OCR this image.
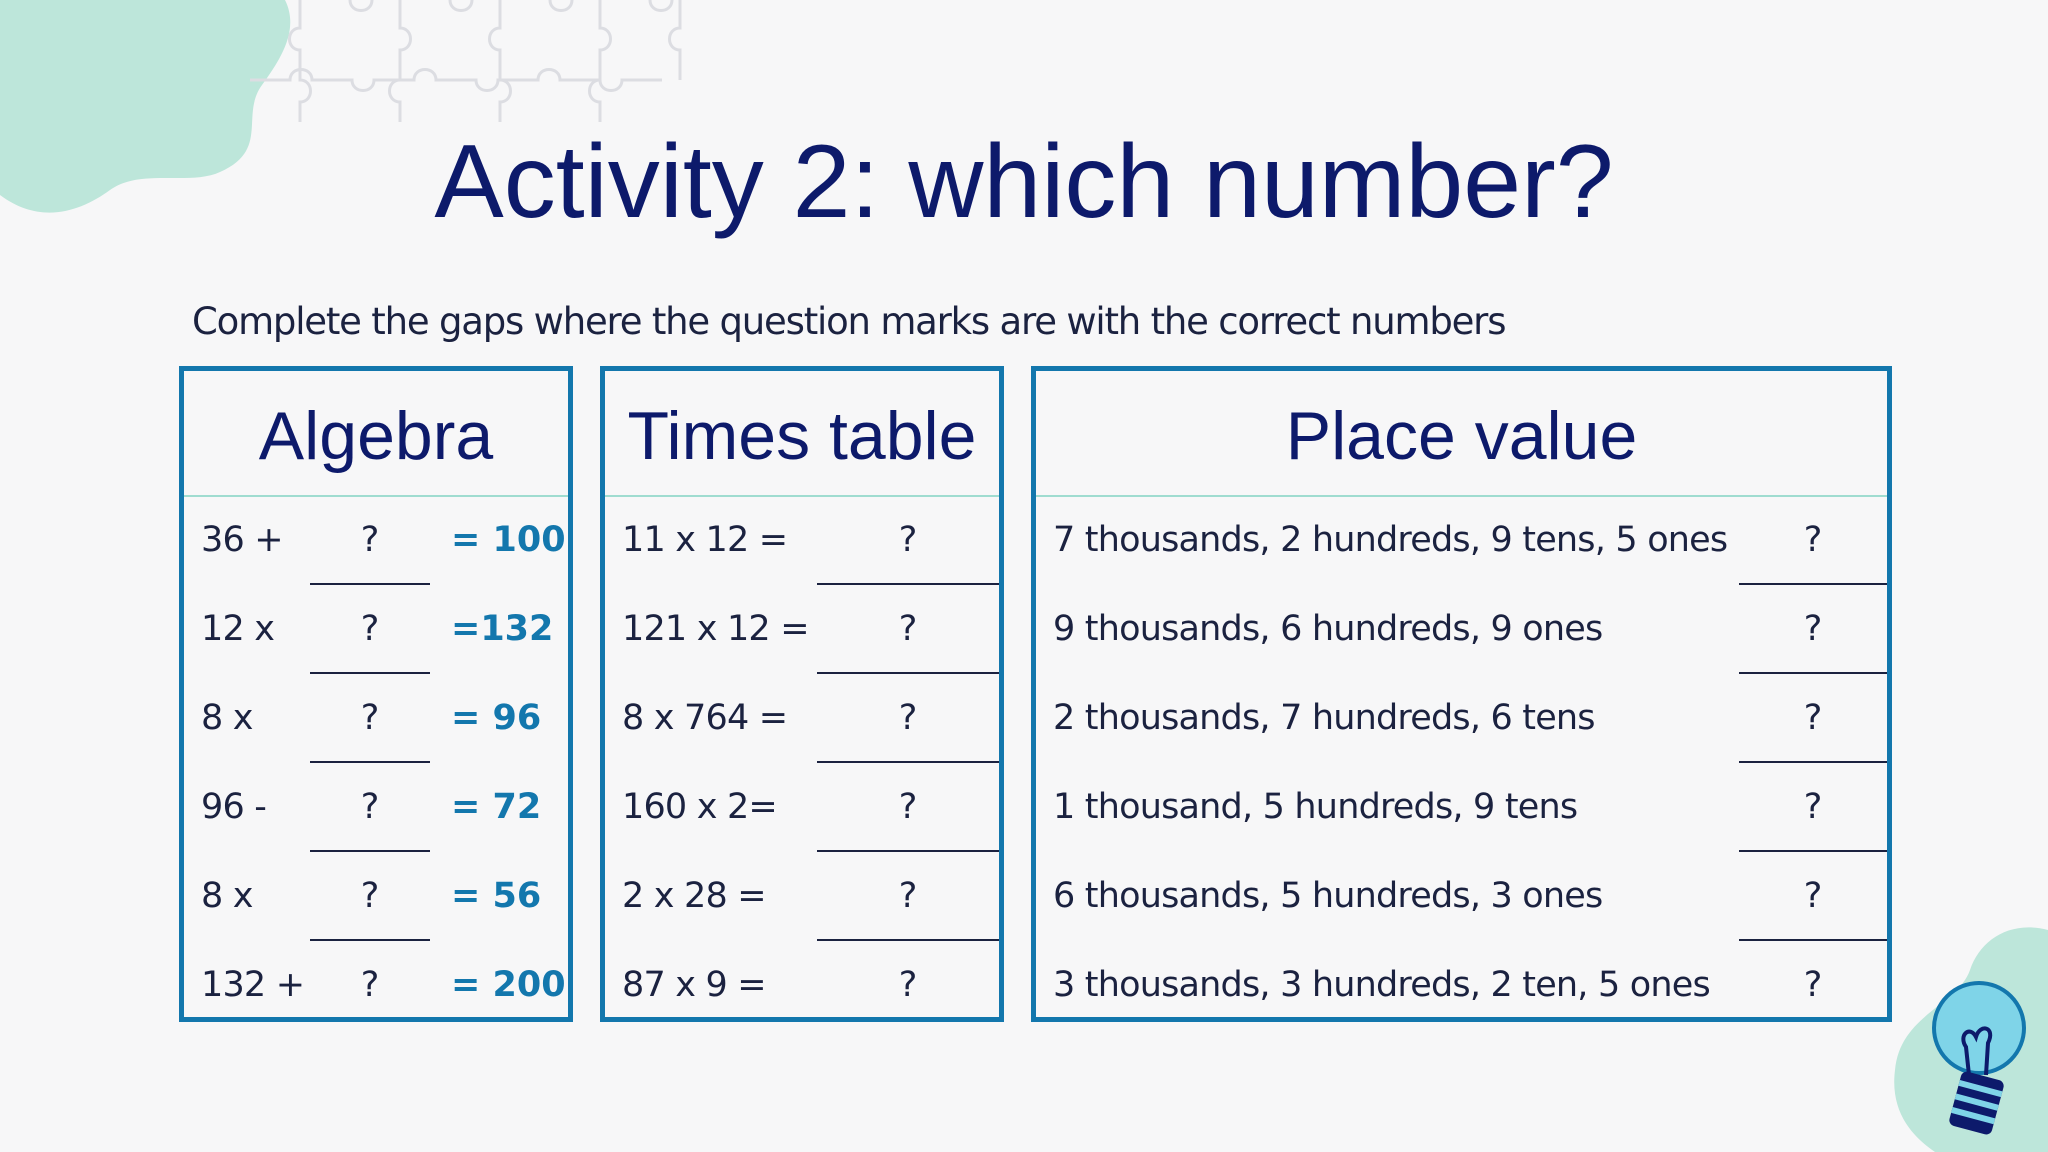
Activity 2: which number?
Complete the gaps where the question marks are with the correct numbers
Algebra
36 +	?	= 100
12 x	?	=132
8 x	?	= 96
96 -	?	= 72
8 x	?	= 56
132 +	?	= 200
Times table
11 x 12 =	?
121 x 12 =	?
8 x 764 =	?
160 x 2=	?
2 x 28 =	?
87 x 9 =	?
Place value
7 thousands, 2 hundreds, 9 tens, 5 ones	?
9 thousands, 6 hundreds, 9 ones	?
2 thousands, 7 hundreds, 6 tens	?
1 thousand, 5 hundreds, 9 tens	?
6 thousands, 5 hundreds, 3 ones	?
3 thousands, 3 hundreds, 2 ten, 5 ones	?
